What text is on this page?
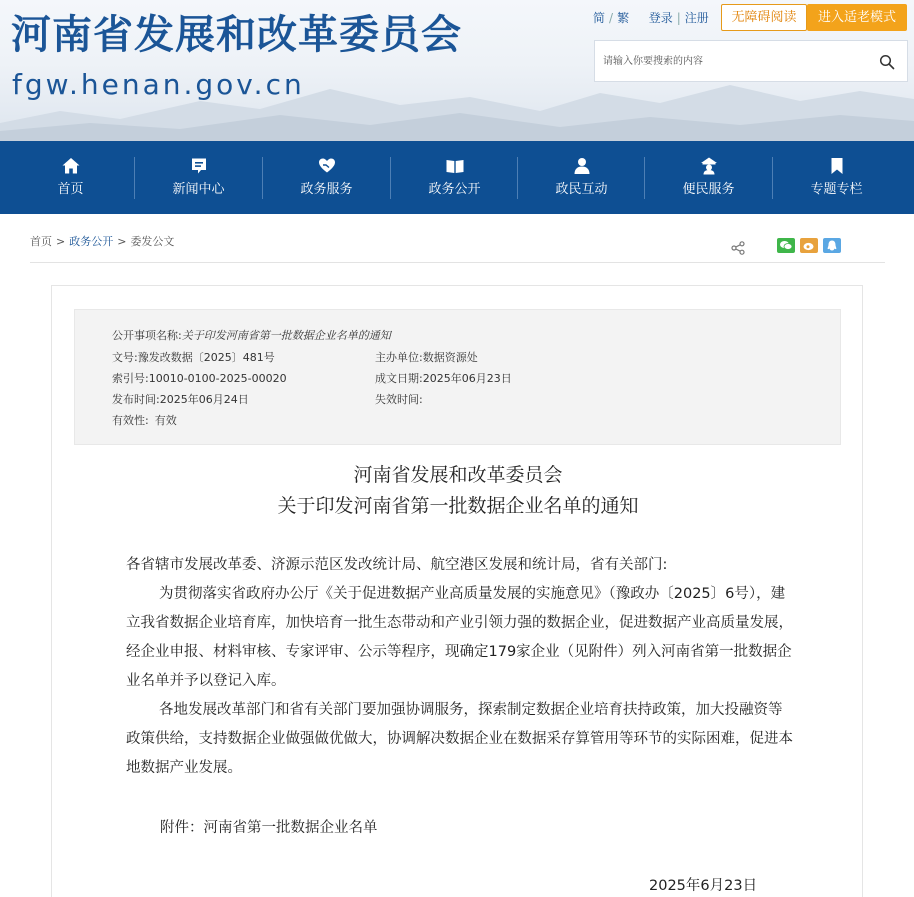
河南省发展和改革委员会
fgw.henan.gov.cn
简 / 繁 登录 | 注册	无障碍阅读	进入适老模式
请输入你要搜索的内容
首页	新闻中心	政务服务	政务公开	政民互动	便民服务	专题专栏
首页 > 政务公开 > 委发公文
公开事项名称:关于印发河南省第一批数据企业名单的通知
文号:豫发改数据〔2025〕481号	主办单位:数据资源处
索引号:10010-0100-2025-00020	成文日期:2025年06月23日
发布时间:2025年06月24日	失效时间:
有效性: 有效
河南省发展和改革委员会
关于印发河南省第一批数据企业名单的通知
各省辖市发展改革委、济源示范区发改统计局、航空港区发展和统计局，省有关部门:
为贯彻落实省政府办公厅《关于促进数据产业高质量发展的实施意见》（豫政办〔2025〕6号），建立我省数据企业培育库，加快培育一批生态带动和产业引领力强的数据企业，促进数据产业高质量发展，经企业申报、材料审核、专家评审、公示等程序，现确定179家企业（见附件）列入河南省第一批数据企业名单并予以登记入库。
各地发展改革部门和省有关部门要加强协调服务，探索制定数据企业培育扶持政策，加大投融资等政策供给，支持数据企业做强做优做大，协调解决数据企业在数据采存算管用等环节的实际困难，促进本地数据产业发展。
附件：河南省第一批数据企业名单
2025年6月23日
